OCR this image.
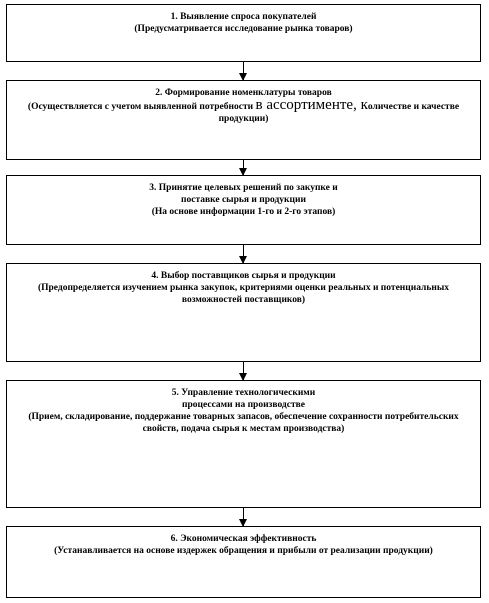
1. Выявление спроса покупателей
(Предусматривается исследование рынка товаров)
2. Формирование номенклатуры товаров
(Осуществляется с учетом выявленной потребности в ассортименте, количестве и качестве продукции)
3. Принятие целевых решений по закупке и поставке сырья и продукции
(На основе информации 1-го и 2-го этапов)
4. Выбор поставщиков сырья и продукции
(Предопределяется изучением рынка закупок, критериями оценки реальных и потенциальных возможностей поставщиков)
5. Управление технологическими процессами на производстве
(Прием, складирование, поддержание товарных запасов, обеспечение сохранности потребительских свойств, подача сырья к местам производства)
6. Экономическая эффективность
(Устанавливается на основе издержек обращения и прибыли от реализации продукции)
